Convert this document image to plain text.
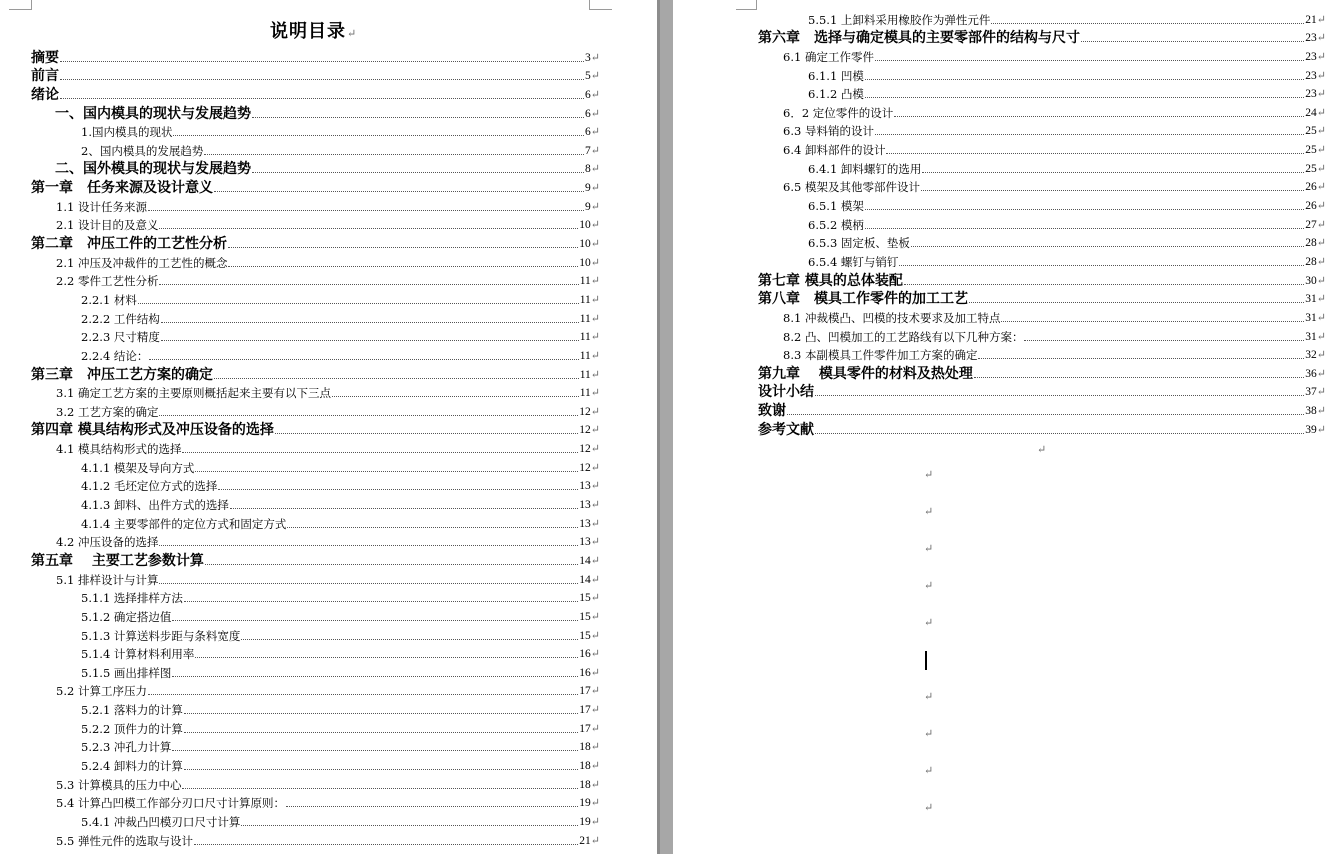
说明目录↵
摘要	3 ↵
前言	5 ↵
绪论	6 ↵
一、国内模具的现状与发展趋势	6 ↵
1.国内模具的现状	6 ↵
2、国内模具的发展趋势	7 ↵
二、国外模具的现状与发展趋势	8 ↵
第一章　任务来源及设计意义	9 ↵
1.1 设计任务来源	9 ↵
2.1 设计目的及意义	10 ↵
第二章　冲压工件的工艺性分析	10 ↵
2.1 冲压及冲裁件的工艺性的概念	10 ↵
2.2 零件工艺性分析	11 ↵
2.2.1 材料	11 ↵
2.2.2 工件结构	11 ↵
2.2.3 尺寸精度	11 ↵
2.2.4 结论：	11 ↵
第三章　冲压工艺方案的确定	11 ↵
3.1 确定工艺方案的主要原则概括起来主要有以下三点	11 ↵
3.2 工艺方案的确定	12 ↵
第四章 模具结构形式及冲压设备的选择	12 ↵
4.1 模具结构形式的选择	12 ↵
4.1.1 模架及导向方式	12 ↵
4.1.2 毛坯定位方式的选择	13 ↵
4.1.3 卸料、出件方式的选择	13 ↵
4.1.4 主要零部件的定位方式和固定方式	13 ↵
4.2 冲压设备的选择	13 ↵
第五章　 主要工艺参数计算	14 ↵
5.1 排样设计与计算	14 ↵
5.1.1 选择排样方法	15 ↵
5.1.2 确定搭边值	15 ↵
5.1.3 计算送料步距与条料宽度	15 ↵
5.1.4 计算材料利用率	16 ↵
5.1.5 画出排样图	16 ↵
5.2 计算工序压力	17 ↵
5.2.1 落料力的计算	17 ↵
5.2.2 顶件力的计算	17 ↵
5.2.3 冲孔力计算	18 ↵
5.2.4 卸料力的计算	18 ↵
5.3 计算模具的压力中心	18 ↵
5.4 计算凸凹模工作部分刃口尺寸计算原则：	19 ↵
5.4.1 冲裁凸凹模刃口尺寸计算	19 ↵
5.5 弹性元件的选取与设计	21 ↵
5.5.1 上卸料采用橡胶作为弹性元件	21 ↵
第六章　选择与确定模具的主要零部件的结构与尺寸	23 ↵
6.1 确定工作零件	23 ↵
6.1.1 凹模	23 ↵
6.1.2 凸模	23 ↵
6．2 定位零件的设计	24 ↵
6.3 导料销的设计	25 ↵
6.4 卸料部件的设计	25 ↵
6.4.1 卸料螺钉的选用	25 ↵
6.5 模架及其他零部件设计	26 ↵
6.5.1 模架	26 ↵
6.5.2 模柄	27 ↵
6.5.3 固定板、垫板	28 ↵
6.5.4 螺钉与销钉	28 ↵
第七章 模具的总体装配	30 ↵
第八章　模具工作零件的加工工艺	31 ↵
8.1 冲裁模凸、凹模的技术要求及加工特点	31 ↵
8.2 凸、凹模加工的工艺路线有以下几种方案：	31 ↵
8.3 本副模具工件零件加工方案的确定	32 ↵
第九章　 模具零件的材料及热处理	36 ↵
设计小结	37 ↵
致谢	38 ↵
参考文献	39 ↵
↵
↵
↵
↵
↵
↵
↵
↵
↵
↵
